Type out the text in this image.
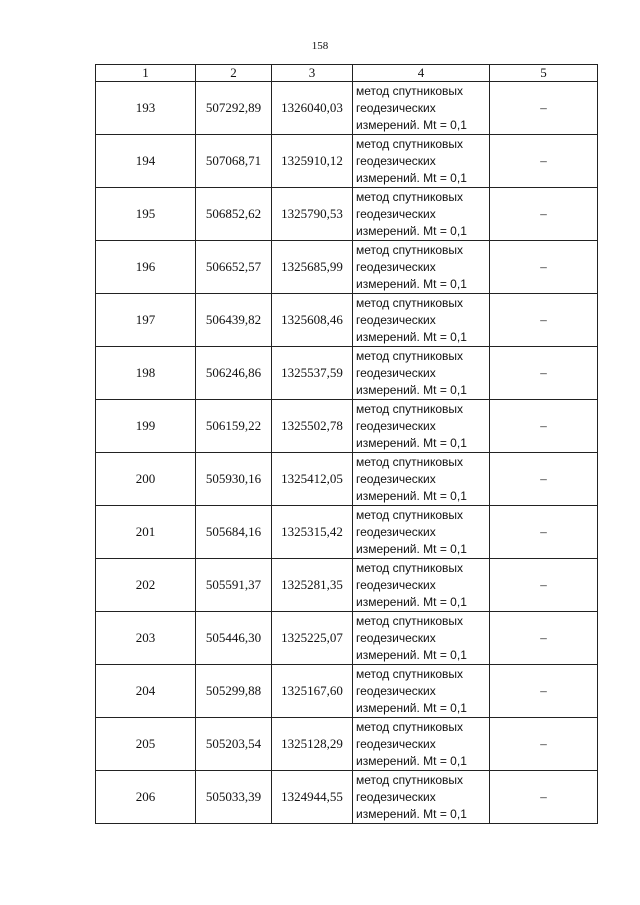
158
1	2	3	4	5
193	507292,89	1326040,03	метод спутниковых
геодезических
измерений. Mt = 0,1	–
194	507068,71	1325910,12	метод спутниковых
геодезических
измерений. Mt = 0,1	–
195	506852,62	1325790,53	метод спутниковых
геодезических
измерений. Mt = 0,1	–
196	506652,57	1325685,99	метод спутниковых
геодезических
измерений. Mt = 0,1	–
197	506439,82	1325608,46	метод спутниковых
геодезических
измерений. Mt = 0,1	–
198	506246,86	1325537,59	метод спутниковых
геодезических
измерений. Mt = 0,1	–
199	506159,22	1325502,78	метод спутниковых
геодезических
измерений. Mt = 0,1	–
200	505930,16	1325412,05	метод спутниковых
геодезических
измерений. Mt = 0,1	–
201	505684,16	1325315,42	метод спутниковых
геодезических
измерений. Mt = 0,1	–
202	505591,37	1325281,35	метод спутниковых
геодезических
измерений. Mt = 0,1	–
203	505446,30	1325225,07	метод спутниковых
геодезических
измерений. Mt = 0,1	–
204	505299,88	1325167,60	метод спутниковых
геодезических
измерений. Mt = 0,1	–
205	505203,54	1325128,29	метод спутниковых
геодезических
измерений. Mt = 0,1	–
206	505033,39	1324944,55	метод спутниковых
геодезических
измерений. Mt = 0,1	–
